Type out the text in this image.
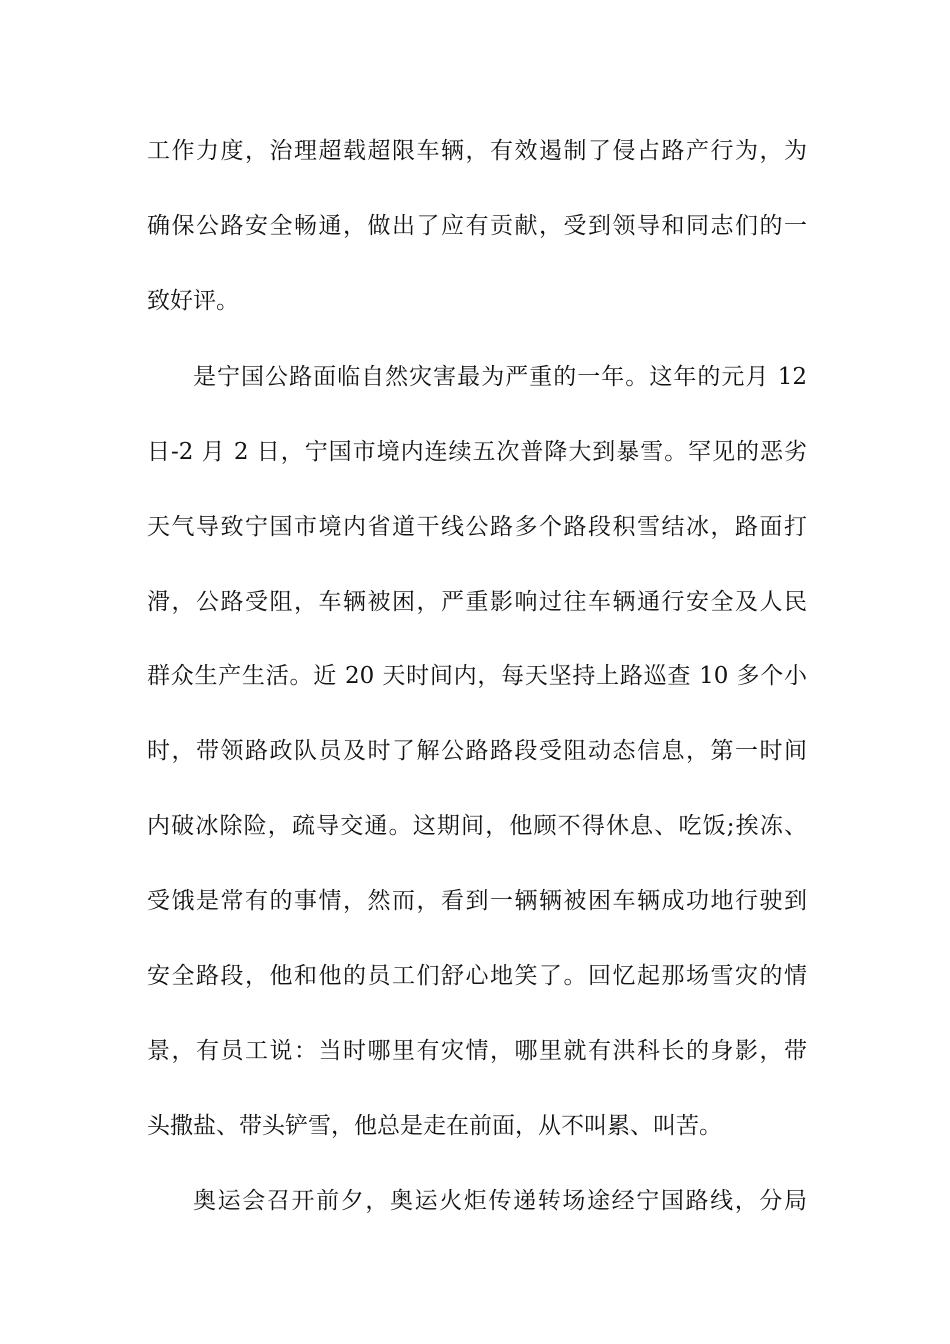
工作力度，治理超载超限车辆，有效遏制了侵占路产行为，为
确保公路安全畅通，做出了应有贡献，受到领导和同志们的一
致好评。
是宁国公路面临自然灾害最为严重的一年。这年的元月 12
日-2 月 2 日，宁国市境内连续五次普降大到暴雪。罕见的恶劣
天气导致宁国市境内省道干线公路多个路段积雪结冰，路面打
滑，公路受阻，车辆被困，严重影响过往车辆通行安全及人民
群众生产生活。近 20 天时间内，每天坚持上路巡查 10 多个小
时，带领路政队员及时了解公路路段受阻动态信息，第一时间
内破冰除险，疏导交通。这期间，他顾不得休息、吃饭;挨冻、
受饿是常有的事情，然而，看到一辆辆被困车辆成功地行驶到
安全路段，他和他的员工们舒心地笑了。回忆起那场雪灾的情
景，有员工说：当时哪里有灾情，哪里就有洪科长的身影，带
头撒盐、带头铲雪，他总是走在前面，从不叫累、叫苦。
奥运会召开前夕，奥运火炬传递转场途经宁国路线，分局
